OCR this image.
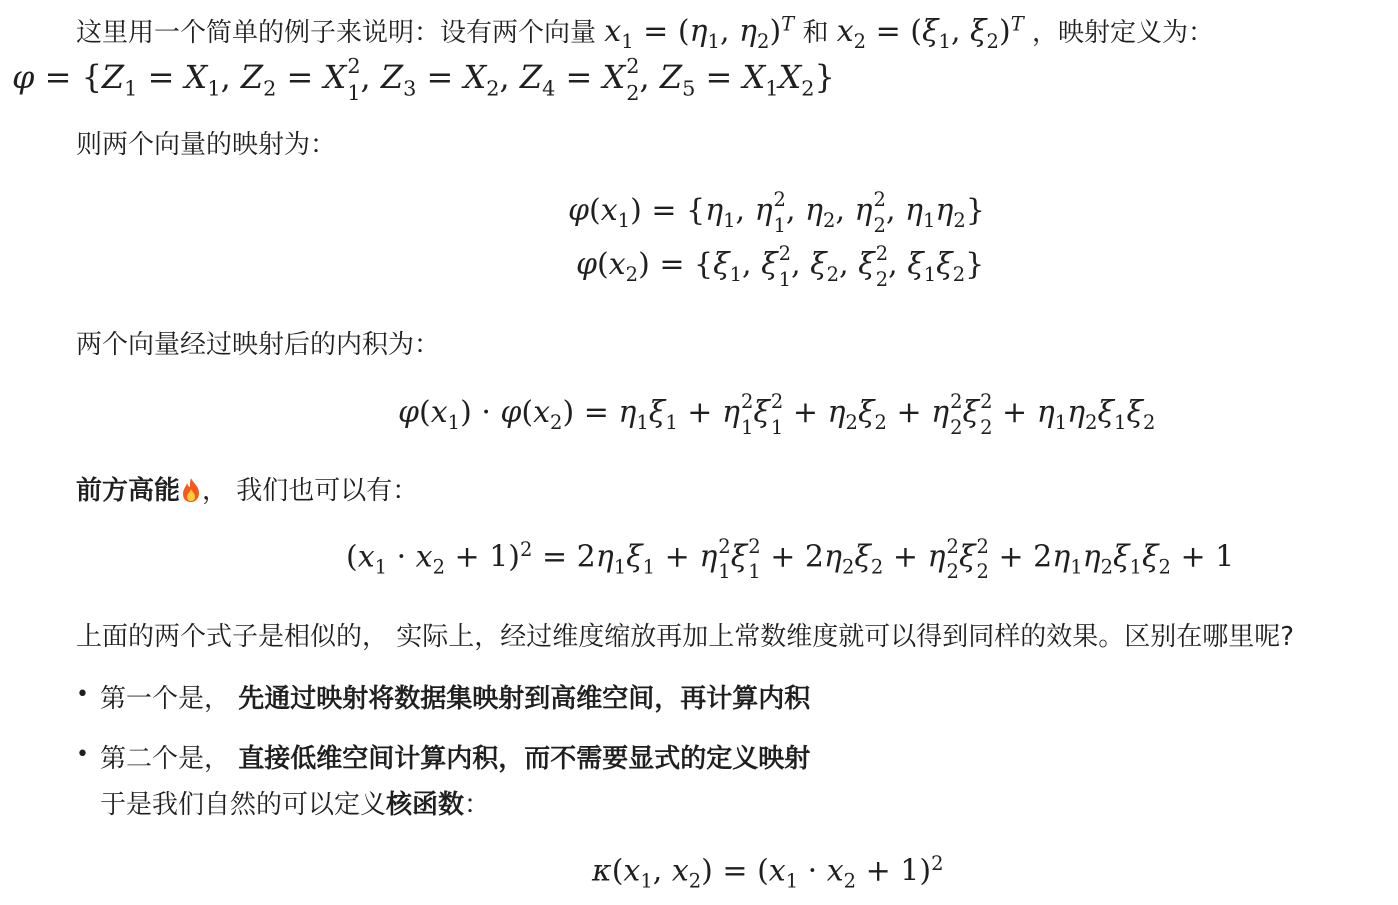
这里用一个简单的例子来说明：设有两个向量 $x_1 = (\eta_1$, $\eta_2)^T$ 和 $x_2 = (\xi_1$, $\xi_2)^T$ ，映射定义为：
$\varphi = \{Z_1 = X_1$, $Z_2 = X$ 2
1 , $Z_3 = X_2$, $Z_4 = X$ 2
2 , $Z_5 = X_1X_2$}
则两个向量的映射为：
$\varphi(x_1) = \{\eta_1$, η 2
1 , $\eta_2$, η 2
2 , $\eta_1\eta_2$}
$\varphi(x_2) = \{\xi_1$, ξ 2
1 , $\xi_2$, ξ 2
2 , $\xi_1\xi_2$}
两个向量经过映射后的内积为：
$\varphi(x_1) \cdot \varphi(x_2) = \eta_1\xi_1 + \eta$ 2
1 ξ 2
$1 + \eta_2\xi_2 + \eta$ 2
2 ξ 2
$2 + \eta_1\eta_2\xi_1\xi_2$
前方高能 ， 我们也可以有：
$(x_1 \cdot x_2 + 1)^2 = 2\eta_1\xi_1 + \eta$ 2
1 ξ 2
$1 + 2\eta_2\xi_2 + \eta$ 2
2 ξ 2
$2 + 2\eta_1\eta_2\xi_1\xi_2 + 1$
上面的两个式子是相似的， 实际上，经过维度缩放再加上常数维度就可以得到同样的效果。区别在哪里呢?
• 第一个是， 先通过映射将数据集映射到高维空间，再计算内积
• 第二个是， 直接低维空间计算内积，而不需要显式的定义映射
于是我们自然的可以定义核函数：
$\kappa(x_1$, $x_2) = (x_1 \cdot x_2 + 1)^2$
